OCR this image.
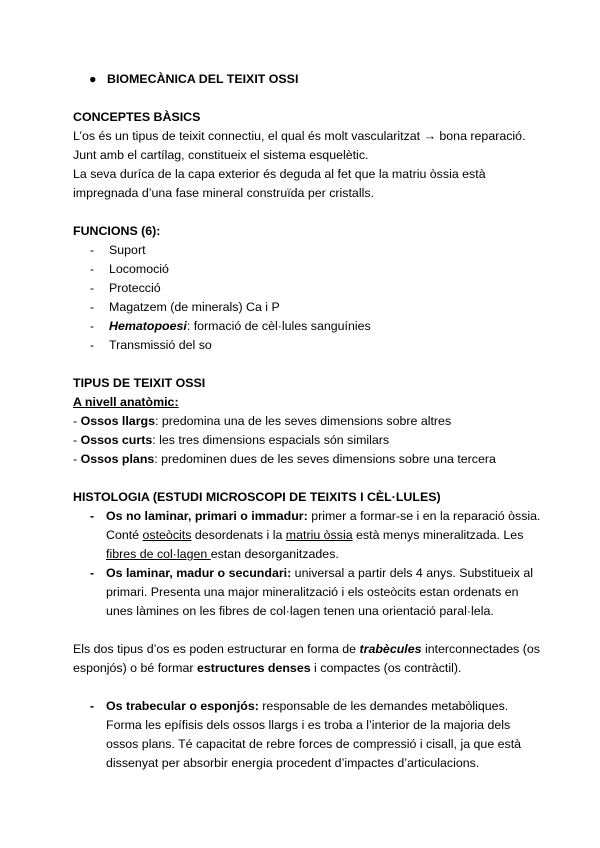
● BIOMECÀNICA DEL TEIXIT OSSI

CONCEPTES BÀSICS

L’os és un tipus de teixit connectiu, el qual és molt vascularitzat → bona reparació.

Junt amb el cartílag, constitueix el sistema esquelètic.

La seva duríca de la capa exterior és deguda al fet que la matriu òssia està

impregnada d’una fase mineral construïda per cristalls.

FUNCIONS (6):

-	Suport
-	Locomoció
-	Protecció
-	Magatzem (de minerals) Ca i P
-	Hematopoesi: formació de cèl·lules sanguínies
-	Transmissió del so

TIPUS DE TEIXIT OSSI

A nivell anatòmic:

- Ossos llargs: predomina una de les seves dimensions sobre altres

- Ossos curts: les tres dimensions espacials són similars

- Ossos plans: predominen dues de les seves dimensions sobre una tercera

HISTOLOGIA (ESTUDI MICROSCOPI DE TEIXITS I CÈL·LULES)

- Os no laminar, primari o immadur: primer a formar-se i en la reparació òssia.

Conté osteòcits desordenats i la matriu òssia està menys mineralitzada. Les

fibres de col·lagen estan desorganitzades.

- Os laminar, madur o secundari: universal a partir dels 4 anys. Substitueix al

primari. Presenta una major mineralització i els osteòcits estan ordenats en

unes làmines on les fibres de col·lagen tenen una orientació paral·lela.

Els dos tipus d’os es poden estructurar en forma de trabècules interconnectades (os

esponjós) o bé formar estructures denses i compactes (os contràctil).

- Os trabecular o esponjós: responsable de les demandes metabòliques.

Forma les epífisis dels ossos llargs i es troba a l’interior de la majoria dels

ossos plans. Té capacitat de rebre forces de compressió i cisall, ja que està

dissenyat per absorbir energia procedent d’impactes d’articulacions.
